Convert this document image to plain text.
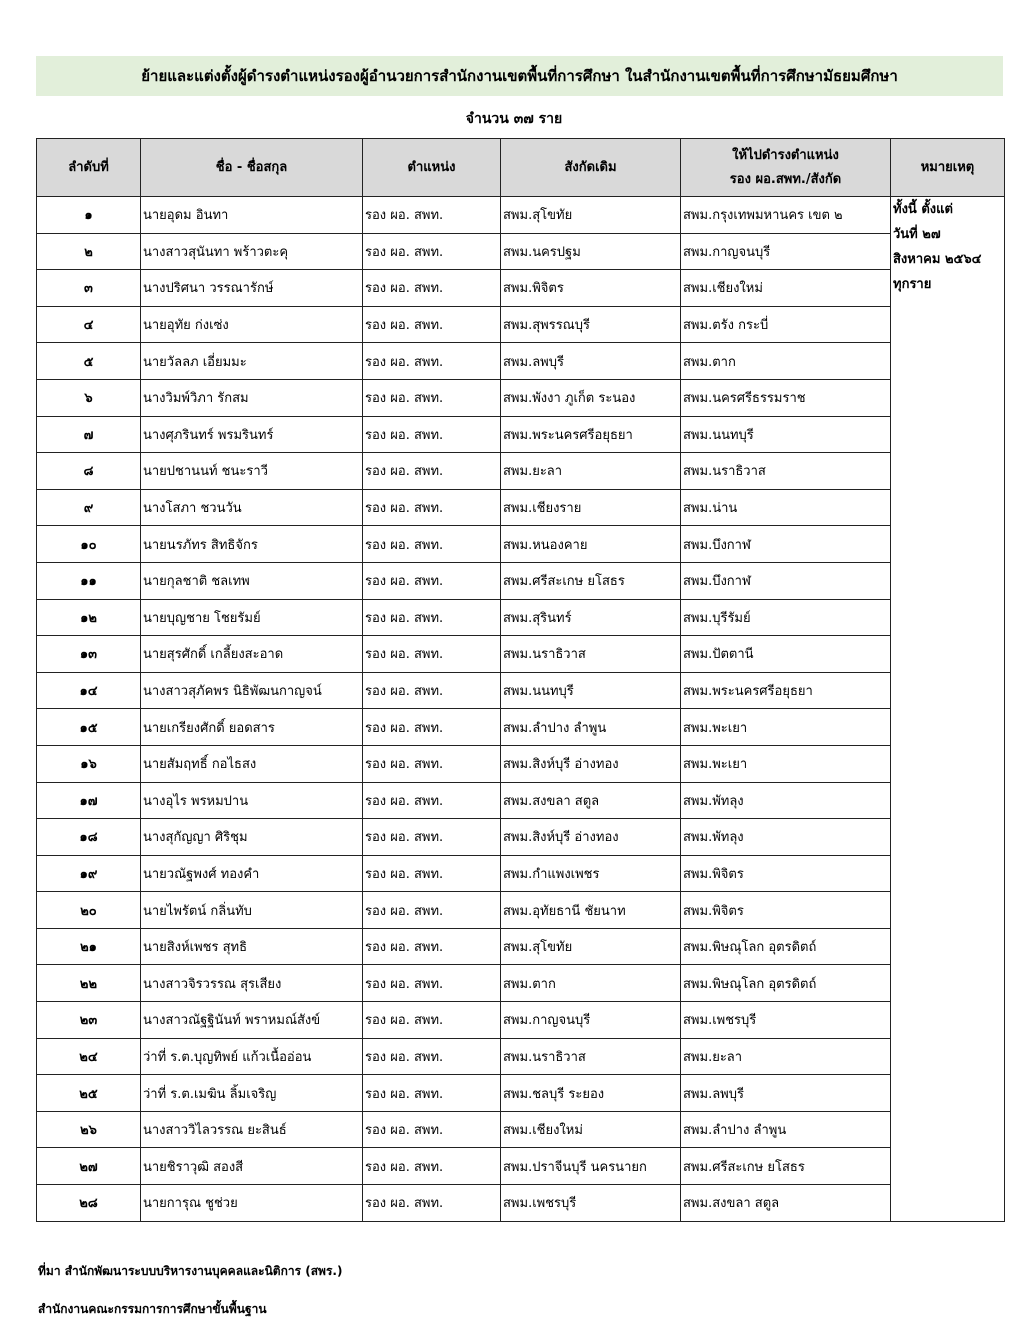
ย้ายและแต่งตั้งผู้ดำรงตำแหน่งรองผู้อำนวยการสำนักงานเขตพื้นที่การศึกษา ในสำนักงานเขตพื้นที่การศึกษามัธยมศึกษา
จำนวน ๓๗ ราย
ลำดับที่	ชื่อ - ชื่อสกุล	ตำแหน่ง	สังกัดเดิม	ให้ไปดำรงตำแหน่ง
รอง ผอ.สพท./สังกัด	หมายเหตุ
๑	นายอุดม อินทา	รอง ผอ. สพท.	สพม.สุโขทัย	สพม.กรุงเทพมหานคร เขต ๒	ทั้งนี้ ตั้งแต่
วันที่ ๒๗
สิงหาคม ๒๕๖๔
ทุกราย

๒	นางสาวสุนันทา พร้าวตะคุ	รอง ผอ. สพท.	สพม.นครปฐม	สพม.กาญจนบุรี	
๓	นางปริศนา วรรณารักษ์	รอง ผอ. สพท.	สพม.พิจิตร	สพม.เชียงใหม่	
๔	นายอุทัย ก่งเซ่ง	รอง ผอ. สพท.	สพม.สุพรรณบุรี	สพม.ตรัง กระบี่	
๕	นายวัลลภ เอี่ยมมะ	รอง ผอ. สพท.	สพม.ลพบุรี	สพม.ตาก	
๖	นางวิมพ์วิภา รักสม	รอง ผอ. สพท.	สพม.พังงา ภูเก็ต ระนอง	สพม.นครศรีธรรมราช	
๗	นางศุภรินทร์ พรมรินทร์	รอง ผอ. สพท.	สพม.พระนครศรีอยุธยา	สพม.นนทบุรี	
๘	นายปชานนท์ ชนะราวี	รอง ผอ. สพท.	สพม.ยะลา	สพม.นราธิวาส	
๙	นางโสภา ชวนวัน	รอง ผอ. สพท.	สพม.เชียงราย	สพม.น่าน	
๑๐	นายนรภัทร สิทธิจักร	รอง ผอ. สพท.	สพม.หนองคาย	สพม.บึงกาฬ	
๑๑	นายกุลชาติ ชลเทพ	รอง ผอ. สพท.	สพม.ศรีสะเกษ ยโสธร	สพม.บึงกาฬ	
๑๒	นายบุญชาย โชยรัมย์	รอง ผอ. สพท.	สพม.สุรินทร์	สพม.บุรีรัมย์	
๑๓	นายสุรศักดิ์ เกลี้ยงสะอาด	รอง ผอ. สพท.	สพม.นราธิวาส	สพม.ปัตตานี	
๑๔	นางสาวสุภัคพร นิธิพัฒนกาญจน์	รอง ผอ. สพท.	สพม.นนทบุรี	สพม.พระนครศรีอยุธยา	
๑๕	นายเกรียงศักดิ์ ยอดสาร	รอง ผอ. สพท.	สพม.ลำปาง ลำพูน	สพม.พะเยา	
๑๖	นายสัมฤทธิ์ กอไธสง	รอง ผอ. สพท.	สพม.สิงห์บุรี อ่างทอง	สพม.พะเยา	
๑๗	นางอุไร พรหมปาน	รอง ผอ. สพท.	สพม.สงขลา สตูล	สพม.พัทลุง	
๑๘	นางสุกัญญา ศิริชุม	รอง ผอ. สพท.	สพม.สิงห์บุรี อ่างทอง	สพม.พัทลุง	
๑๙	นายวณัฐพงศ์ ทองคำ	รอง ผอ. สพท.	สพม.กำแพงเพชร	สพม.พิจิตร	
๒๐	นายไพรัตน์ กลิ่นทับ	รอง ผอ. สพท.	สพม.อุทัยธานี ชัยนาท	สพม.พิจิตร	
๒๑	นายสิงห์เพชร สุทธิ	รอง ผอ. สพท.	สพม.สุโขทัย	สพม.พิษณุโลก อุตรดิตถ์	
๒๒	นางสาวจิรวรรณ สุรเสียง	รอง ผอ. สพท.	สพม.ตาก	สพม.พิษณุโลก อุตรดิตถ์	
๒๓	นางสาวณัฐฐินันท์ พราหมณ์สังข์	รอง ผอ. สพท.	สพม.กาญจนบุรี	สพม.เพชรบุรี	
๒๔	ว่าที่ ร.ต.บุญทิพย์ แก้วเนื้ออ่อน	รอง ผอ. สพท.	สพม.นราธิวาส	สพม.ยะลา	
๒๕	ว่าที่ ร.ต.เมฆิน ลิ้มเจริญ	รอง ผอ. สพท.	สพม.ชลบุรี ระยอง	สพม.ลพบุรี	
๒๖	นางสาววิไลวรรณ ยะสินธ์	รอง ผอ. สพท.	สพม.เชียงใหม่	สพม.ลำปาง ลำพูน	
๒๗	นายชิราวุฒิ สองสี	รอง ผอ. สพท.	สพม.ปราจีนบุรี นครนายก	สพม.ศรีสะเกษ ยโสธร	
๒๘	นายการุณ ชูช่วย	รอง ผอ. สพท.	สพม.เพชรบุรี	สพม.สงขลา สตูล	
ที่มา สำนักพัฒนาระบบบริหารงานบุคคลและนิติการ (สพร.)
สำนักงานคณะกรรมการการศึกษาขั้นพื้นฐาน
